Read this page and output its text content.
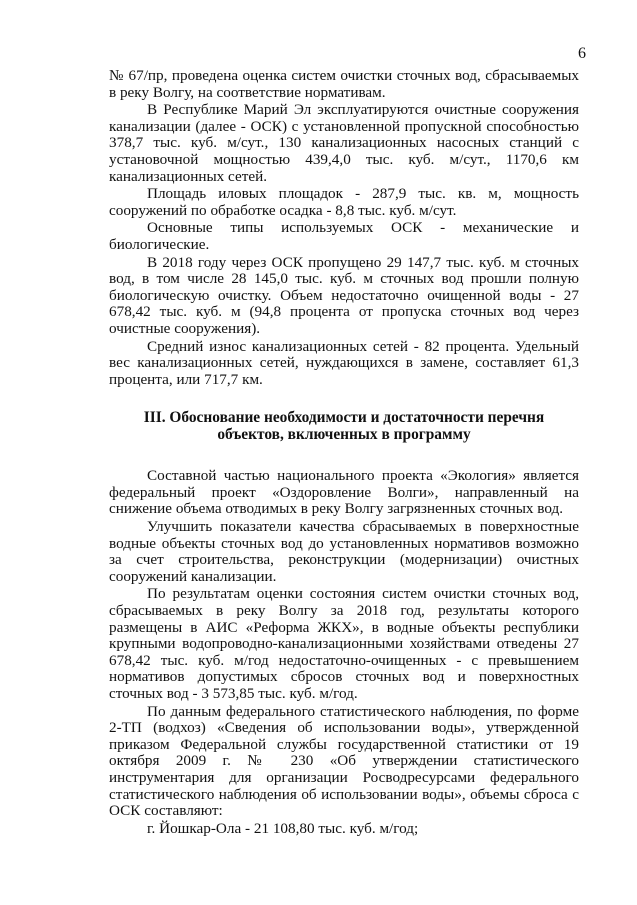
6

№ 67/пр, проведена оценка систем очистки сточных вод, сбрасываемых в реку Волгу, на соответствие нормативам.

В Республике Марий Эл эксплуатируются очистные сооружения канализации (далее - ОСК) с установленной пропускной способностью 378,7 тыс. куб. м/сут., 130 канализационных насосных станций с установочной мощностью 439,4,0 тыс. куб. м/сут., 1170,6 км канализационных сетей.

Площадь иловых площадок - 287,9 тыс. кв. м, мощность сооружений по обработке осадка - 8,8 тыс. куб. м/сут.

Основные типы используемых ОСК - механические и биологические.

В 2018 году через ОСК пропущено 29 147,7 тыс. куб. м сточных вод, в том числе 28 145,0 тыс. куб. м сточных вод прошли полную биологическую очистку. Объем недостаточно очищенной воды - 27 678,42 тыс. куб. м (94,8 процента от пропуска сточных вод через очистные сооружения).

Средний износ канализационных сетей - 82 процента. Удельный вес канализационных сетей, нуждающихся в замене, составляет 61,3 процента, или 717,7 км.

III. Обоснование необходимости и достаточности перечня
объектов, включенных в программу

Составной частью национального проекта «Экология» является федеральный проект «Оздоровление Волги», направленный на снижение объема отводимых в реку Волгу загрязненных сточных вод.

Улучшить показатели качества сбрасываемых в поверхностные водные объекты сточных вод до установленных нормативов возможно за счет строительства, реконструкции (модернизации) очистных сооружений канализации.

По результатам оценки состояния систем очистки сточных вод, сбрасываемых в реку Волгу за 2018 год, результаты которого размещены в АИС «Реформа ЖКХ», в водные объекты республики крупными водопроводно-канализационными хозяйствами отведены 27 678,42 тыс. куб. м/год недостаточно-очищенных - с превышением нормативов допустимых сбросов сточных вод и поверхностных сточных вод - 3 573,85 тыс. куб. м/год.

По данным федерального статистического наблюдения, по форме 2-ТП (водхоз) «Сведения об использовании воды», утвержденной приказом Федеральной службы государственной статистики от 19 октября 2009 г. № 230 «Об утверждении статистического инструментария для организации Росводресурсами федерального статистического наблюдения об использовании воды», объемы сброса с ОСК составляют:

г. Йошкар-Ола - 21 108,80 тыс. куб. м/год;
